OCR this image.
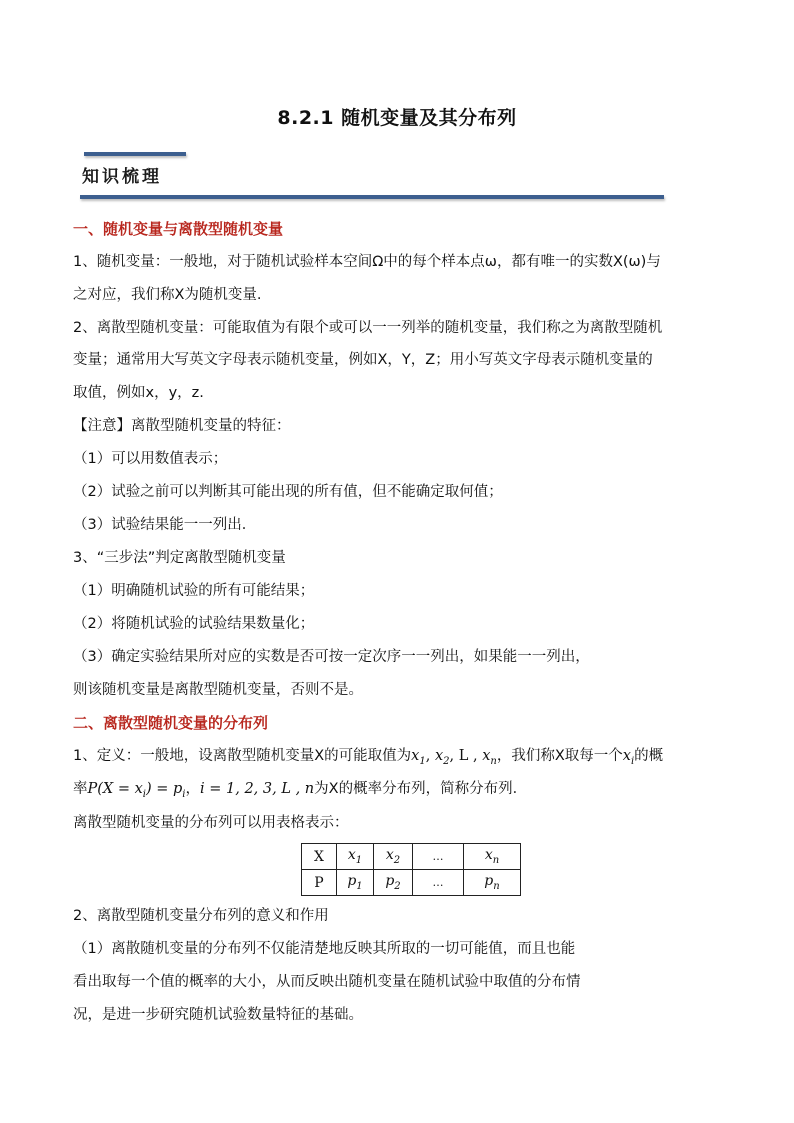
8.2.1 随机变量及其分布列
知识梳理
一、随机变量与离散型随机变量
1、随机变量：一般地，对于随机试验样本空间Ω中的每个样本点ω，都有唯一的实数X(ω)与
之对应，我们称X为随机变量.
2、离散型随机变量：可能取值为有限个或可以一一列举的随机变量，我们称之为离散型随机
变量；通常用大写英文字母表示随机变量，例如X，Y，Z；用小写英文字母表示随机变量的
取值，例如x，y，z.
【注意】离散型随机变量的特征：
（1）可以用数值表示；
（2）试验之前可以判断其可能出现的所有值，但不能确定取何值；
（3）试验结果能一一列出．
3、“三步法”判定离散型随机变量
（1）明确随机试验的所有可能结果；
（2）将随机试验的试验结果数量化；
（3）确定实验结果所对应的实数是否可按一定次序一一列出，如果能一一列出，
则该随机变量是离散型随机变量，否则不是。
二、离散型随机变量的分布列
1、定义：一般地，设离散型随机变量X的可能取值为$x_1$, $x_2$, L , $x_n$，我们称X取每一个$x_i$的概
率$P(X = x_i) = p_i$，i = 1, 2, 3, L , n为X的概率分布列，简称分布列．
离散型随机变量的分布列可以用表格表示：
X	$x_1$	$x_2$	…	$x_n$
P	$p_1$	$p_2$	…	$p_n$
2、离散型随机变量分布列的意义和作用
（1）离散随机变量的分布列不仅能清楚地反映其所取的一切可能值，而且也能
看出取每一个值的概率的大小，从而反映出随机变量在随机试验中取值的分布情
况，是进一步研究随机试验数量特征的基础。
